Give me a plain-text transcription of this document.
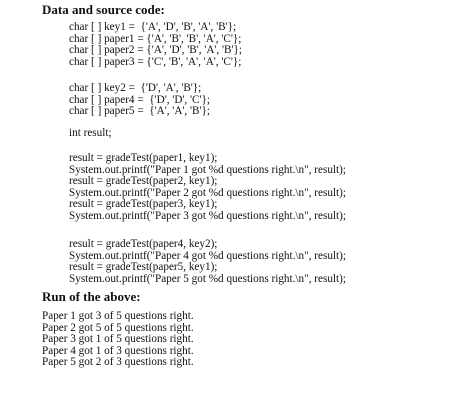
Data and source code:
char [ ] key1 =  {'A', 'D', 'B', 'A', 'B'};
char [ ] paper1 = {'A', 'B', 'B', 'A', 'C'};
char [ ] paper2 = {'A', 'D', 'B', 'A', 'B'};
char [ ] paper3 = {'C', 'B', 'A', 'A', 'C'};
char [ ] key2 =  {'D', 'A', 'B'};
char [ ] paper4 =  {'D', 'D', 'C'};
char [ ] paper5 =  {'A', 'A', 'B'};
int result;
result = gradeTest(paper1, key1);
System.out.printf("Paper 1 got %d questions right.\n", result);
result = gradeTest(paper2, key1);
System.out.printf("Paper 2 got %d questions right.\n", result);
result = gradeTest(paper3, key1);
System.out.printf("Paper 3 got %d questions right.\n", result);
result = gradeTest(paper4, key2);
System.out.printf("Paper 4 got %d questions right.\n", result);
result = gradeTest(paper5, key1);
System.out.printf("Paper 5 got %d questions right.\n", result);
Run of the above:
Paper 1 got 3 of 5 questions right.
Paper 2 got 5 of 5 questions right.
Paper 3 got 1 of 5 questions right.
Paper 4 got 1 of 3 questions right.
Paper 5 got 2 of 3 questions right.
